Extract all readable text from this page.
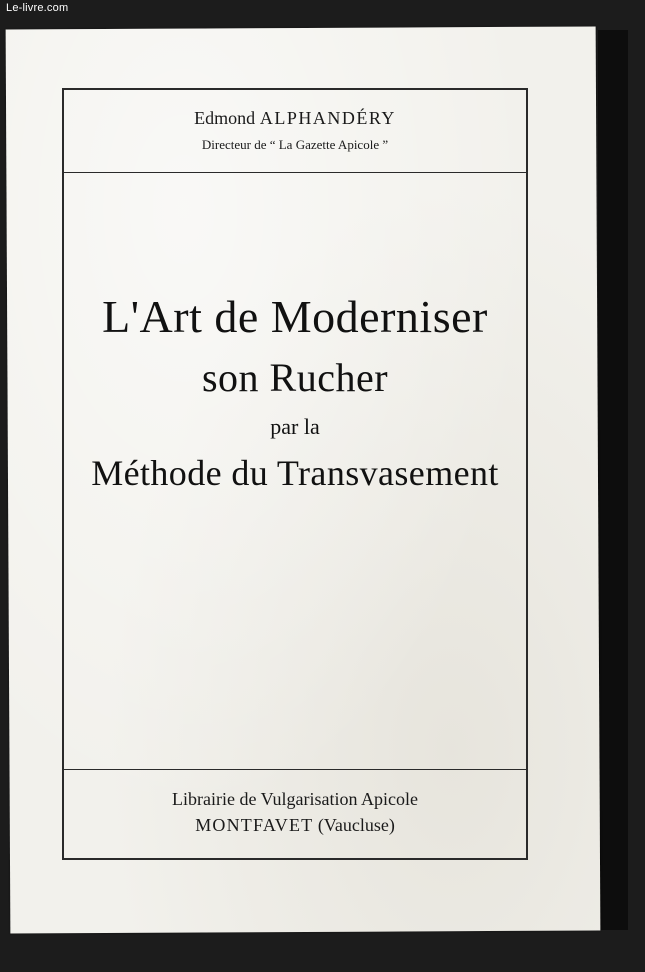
Le-livre.com
Edmond ALPHANDÉRY
Directeur de “ La Gazette Apicole ”
L'Art de Moderniser
son Rucher
par la
Méthode du Transvasement
Librairie de Vulgarisation Apicole
MONTFAVET (Vaucluse)
